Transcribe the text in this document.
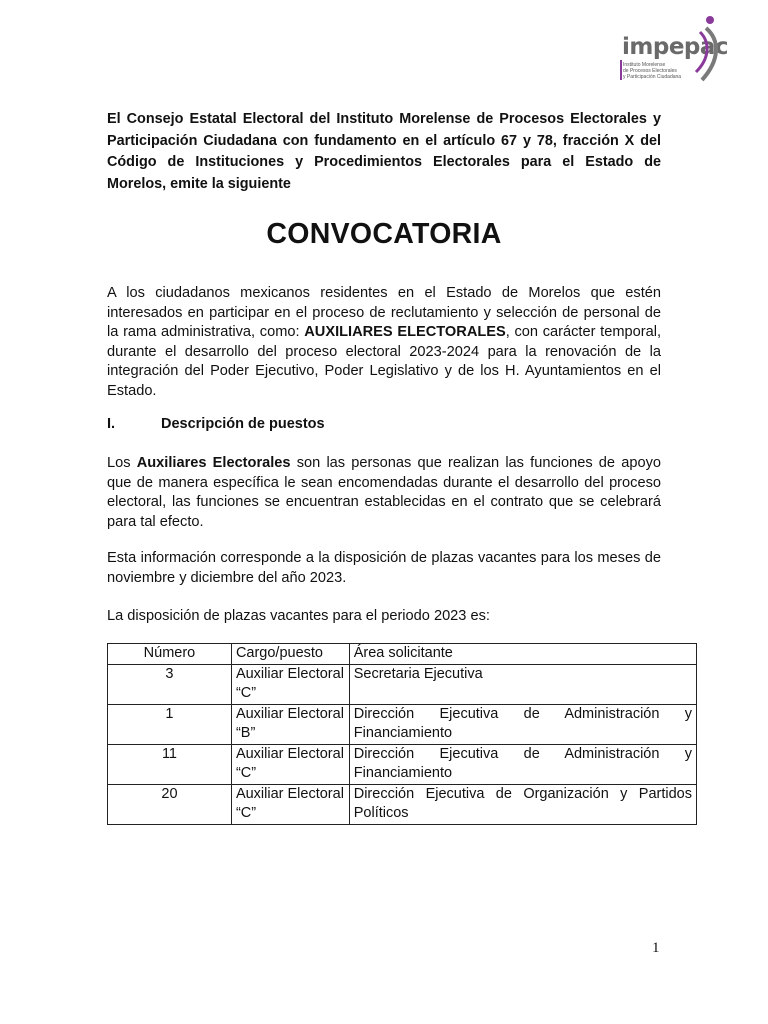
impepac
Instituto Morelense
de Procesos Electorales
y Participación Ciudadana

El Consejo Estatal Electoral del Instituto Morelense de Procesos Electorales y Participación Ciudadana con fundamento en el artículo 67 y 78, fracción X del Código de Instituciones y Procedimientos Electorales para el Estado de Morelos, emite la siguiente

CONVOCATORIA

A los ciudadanos mexicanos residentes en el Estado de Morelos que estén interesados en participar en el proceso de reclutamiento y selección de personal de la rama administrativa, como: AUXILIARES ELECTORALES, con carácter temporal, durante el desarrollo del proceso electoral 2023-2024 para la renovación de la integración del Poder Ejecutivo, Poder Legislativo y de los H. Ayuntamientos en el Estado.

I.	Descripción de puestos

Los Auxiliares Electorales son las personas que realizan las funciones de apoyo que de manera específica le sean encomendadas durante el desarrollo del proceso electoral, las funciones se encuentran establecidas en el contrato que se celebrará para tal efecto.

Esta información corresponde a la disposición de plazas vacantes para los meses de noviembre y diciembre del año 2023.

La disposición de plazas vacantes para el periodo 2023 es:

Número	Cargo/puesto	Área solicitante
3	Auxiliar Electoral “C”	Secretaria Ejecutiva
1	Auxiliar Electoral “B”	Dirección Ejecutiva de Administración y Financiamiento
11	Auxiliar Electoral “C”	Dirección Ejecutiva de Administración y Financiamiento
20	Auxiliar Electoral “C”	Dirección Ejecutiva de Organización y Partidos Políticos
1
